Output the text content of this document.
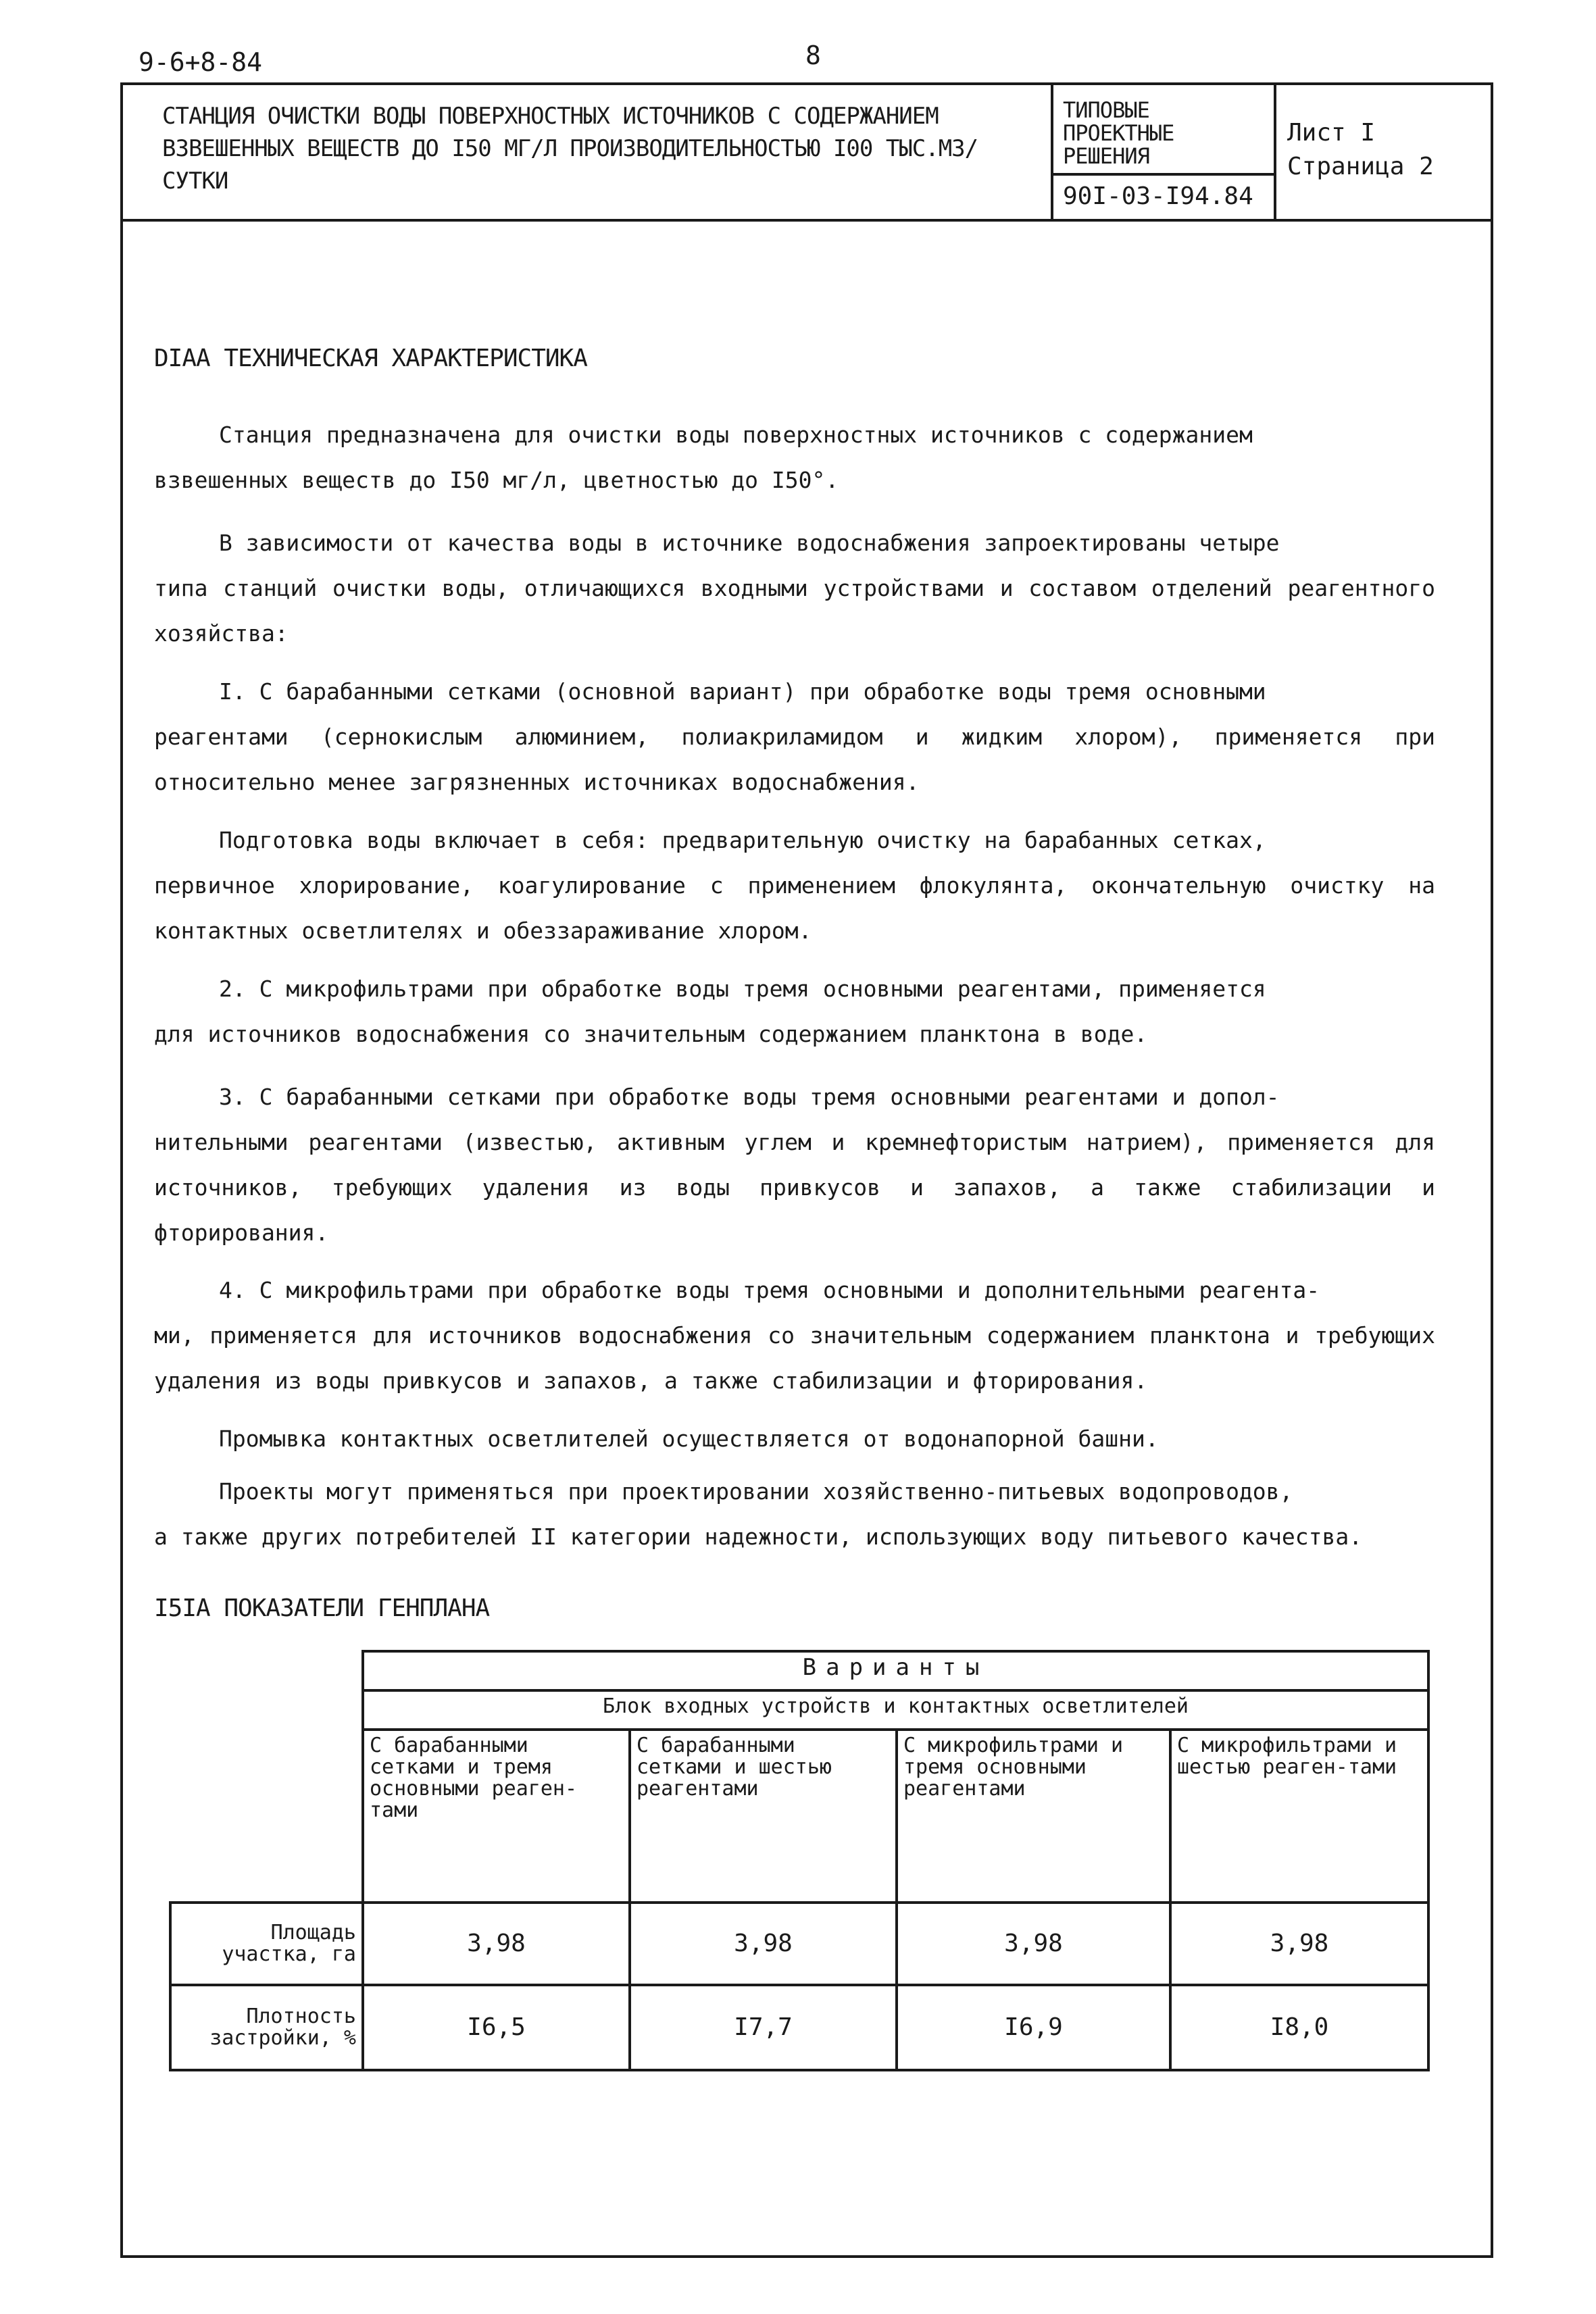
9-6+8-84	8
СТАНЦИЯ ОЧИСТКИ ВОДЫ ПОВЕРХНОСТНЫХ ИСТОЧНИКОВ С СОДЕРЖАНИЕМ ВЗВЕШЕННЫХ ВЕЩЕСТВ ДО I50 МГ/Л ПРОИЗВОДИТЕЛЬНОСТЬЮ I00 ТЫС.М3/СУТКИ
ТИПОВЫЕ
ПРОЕКТНЫЕ
РЕШЕНИЯ
90I-03-I94.84
Лист I
Страница 2
DIAA ТЕХНИЧЕСКАЯ ХАРАКТЕРИСТИКА
Станция предназначена для очистки воды поверхностных источников с содержанием
взвешенных веществ до I50 мг/л, цветностью до I50°.
В зависимости от качества воды в источнике водоснабжения запроектированы четыре
типа станций очистки воды, отличающихся входными устройствами и составом отделений реагентного хозяйства:
I. С барабанными сетками (основной вариант) при обработке воды тремя основными
реагентами (сернокислым алюминием, полиакриламидом и жидким хлором), применяется при относительно менее загрязненных источниках водоснабжения.
Подготовка воды включает в себя: предварительную очистку на барабанных сетках,
первичное хлорирование, коагулирование с применением флокулянта, окончательную очистку на контактных осветлителях и обеззараживание хлором.
2. С микрофильтрами при обработке воды тремя основными реагентами, применяется
для источников водоснабжения со значительным содержанием планктона в воде.
3. С барабанными сетками при обработке воды тремя основными реагентами и допол-
нительными реагентами (известью, активным углем и кремнефтористым натрием), применяется для источников, требующих удаления из воды привкусов и запахов, а также стабилизации и фторирования.
4. С микрофильтрами при обработке воды тремя основными и дополнительными реагента-
ми, применяется для источников водоснабжения со значительным содержанием планктона и требующих удаления из воды привкусов и запахов, а также стабилизации и фторирования.
Промывка контактных осветлителей осуществляется от водонапорной башни.
Проекты могут применяться при проектировании хозяйственно-питьевых водопроводов,
а также других потребителей II категории надежности, использующих воду питьевого качества.
I5IA ПОКАЗАТЕЛИ ГЕНПЛАНА
	Варианты			
	Блок входных устройств и контактных осветлителей			
	С барабанными сетками и тремя основными реаген-тами	С барабанными сетками и шестью реагентами	С микрофильтрами и тремя основными реагентами	С микрофильтрами и шестью реаген-тами
Площадь участка, га	3,98	3,98	3,98	3,98
Плотность застройки, %	I6,5	I7,7	I6,9	I8,0
